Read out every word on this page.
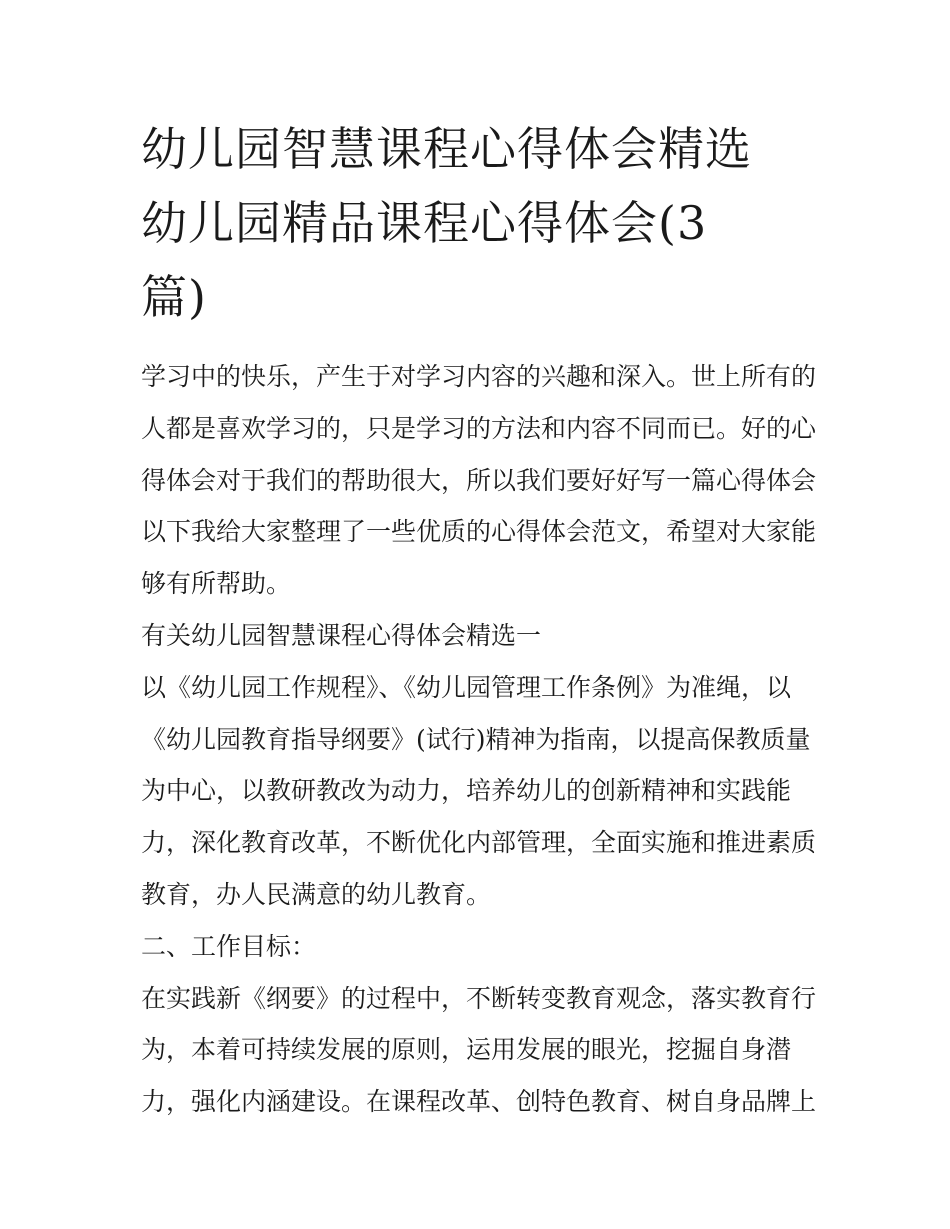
幼儿园智慧课程心得体会精选
幼儿园精品课程心得体会(3
篇)

学习中的快乐，产生于对学习内容的兴趣和深入。世上所有的

人都是喜欢学习的，只是学习的方法和内容不同而已。好的心

得体会对于我们的帮助很大，所以我们要好好写一篇心得体会

以下我给大家整理了一些优质的心得体会范文，希望对大家能

够有所帮助。

有关幼儿园智慧课程心得体会精选一

以《幼儿园工作规程》、《幼儿园管理工作条例》为准绳，以

《幼儿园教育指导纲要》(试行)精神为指南，以提高保教质量

为中心，以教研教改为动力，培养幼儿的创新精神和实践能

力，深化教育改革，不断优化内部管理，全面实施和推进素质

教育，办人民满意的幼儿教育。

二、工作目标：

在实践新《纲要》的过程中，不断转变教育观念，落实教育行

为，本着可持续发展的原则，运用发展的眼光，挖掘自身潜

力，强化内涵建设。在课程改革、创特色教育、树自身品牌上
